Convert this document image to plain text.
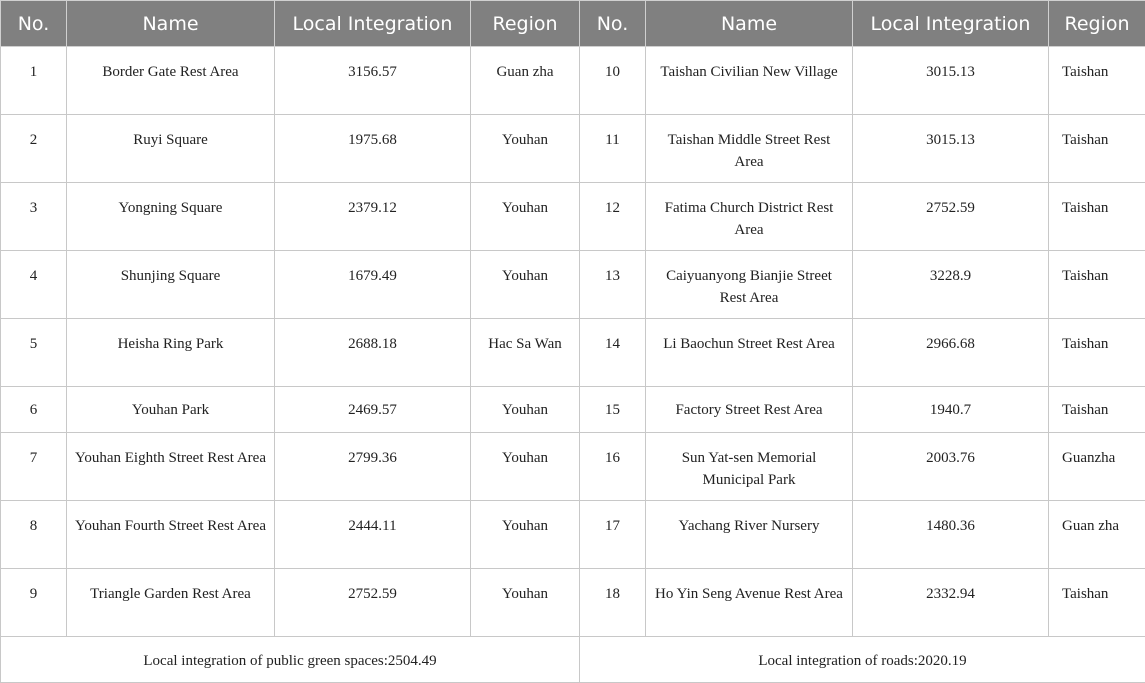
No.	Name	Local Integration	Region	No.	Name	Local Integration	Region
1	Border Gate Rest Area	3156.57	Guan zha	10	Taishan Civilian New Village	3015.13	Taishan
2	Ruyi Square	1975.68	Youhan	11	Taishan Middle Street Rest Area	3015.13	Taishan
3	Yongning Square	2379.12	Youhan	12	Fatima Church District Rest Area	2752.59	Taishan
4	Shunjing Square	1679.49	Youhan	13	Caiyuanyong Bianjie Street Rest Area	3228.9	Taishan
5	Heisha Ring Park	2688.18	Hac Sa Wan	14	Li Baochun Street Rest Area	2966.68	Taishan
6	Youhan Park	2469.57	Youhan	15	Factory Street Rest Area	1940.7	Taishan
7	Youhan Eighth Street Rest Area	2799.36	Youhan	16	Sun Yat-sen Memorial Municipal Park	2003.76	Guanzha
8	Youhan Fourth Street Rest Area	2444.11	Youhan	17	Yachang River Nursery	1480.36	Guan zha
9	Triangle Garden Rest Area	2752.59	Youhan	18	Ho Yin Seng Avenue Rest Area	2332.94	Taishan
Local integration of public green spaces:2504.49				Local integration of roads:2020.19			
